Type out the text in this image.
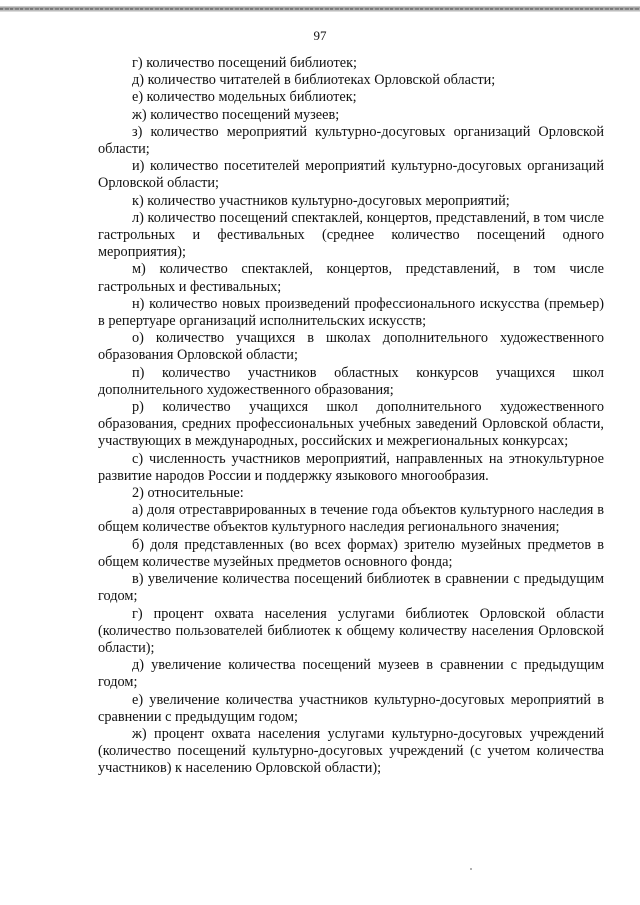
97

г) количество посещений библиотек;

д) количество читателей в библиотеках Орловской области;

е) количество модельных библиотек;

ж) количество посещений музеев;

з) количество мероприятий культурно-досуговых организаций Орловской области;

и) количество посетителей мероприятий культурно-досуговых организаций Орловской области;

к) количество участников культурно-досуговых мероприятий;

л) количество посещений спектаклей, концертов, представлений, в том числе гастрольных и фестивальных (среднее количество посещений одного мероприятия);

м) количество спектаклей, концертов, представлений, в том числе гастрольных и фестивальных;

н) количество новых произведений профессионального искусства (премьер) в репертуаре организаций исполнительских искусств;

о) количество учащихся в школах дополнительного художественного образования Орловской области;

п) количество участников областных конкурсов учащихся школ дополнительного художественного образования;

р) количество учащихся школ дополнительного художественного образования, средних профессиональных учебных заведений Орловской области, участвующих в международных, российских и межрегиональных конкурсах;

с) численность участников мероприятий, направленных на этнокультурное развитие народов России и поддержку языкового многообразия.

2) относительные:

а) доля отреставрированных в течение года объектов культурного наследия в общем количестве объектов культурного наследия регионального значения;

б) доля представленных (во всех формах) зрителю музейных предметов в общем количестве музейных предметов основного фонда;

в) увеличение количества посещений библиотек в сравнении с предыдущим годом;

г) процент охвата населения услугами библиотек Орловской области (количество пользователей библиотек к общему количеству населения Орловской области);

д) увеличение количества посещений музеев в сравнении с предыдущим годом;

е) увеличение количества участников культурно-досуговых мероприятий в сравнении с предыдущим годом;

ж) процент охвата населения услугами культурно-досуговых учреждений (количество посещений культурно-досуговых учреждений (с учетом количества участников) к населению Орловской области);
